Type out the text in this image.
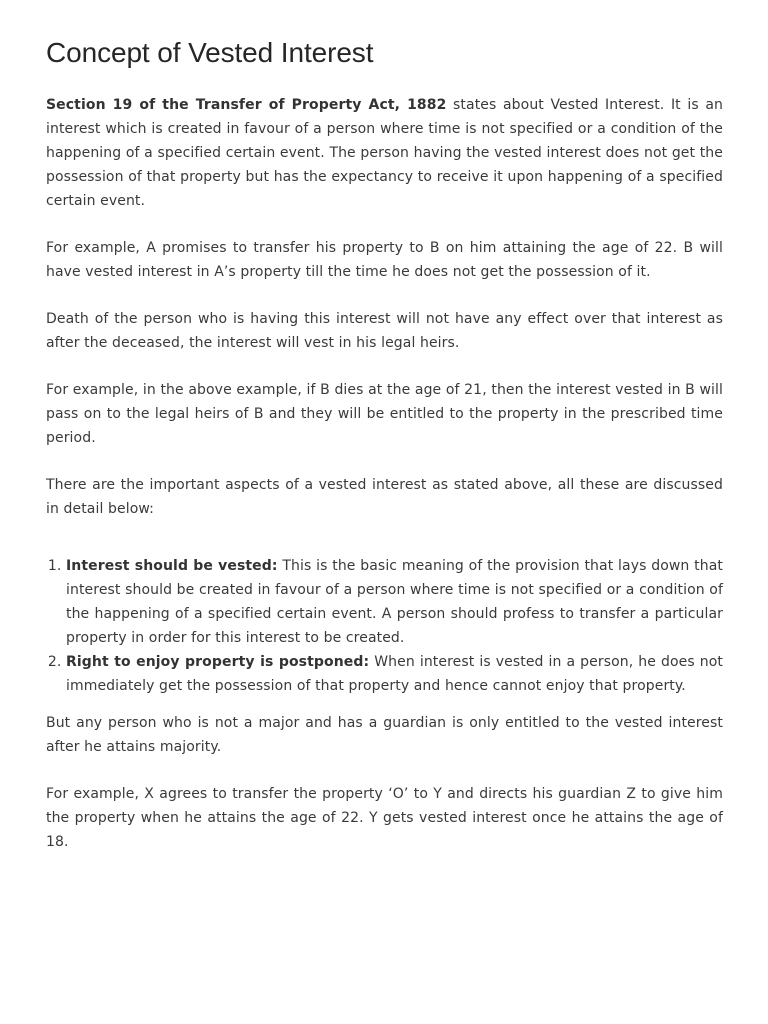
Concept of Vested Interest

Section 19 of the Transfer of Property Act, 1882 states about Vested Interest. It is an interest which is created in favour of a person where time is not specified or a condition of the happening of a specified certain event. The person having the vested interest does not get the possession of that property but has the expectancy to receive it upon happening of a specified certain event.

For example, A promises to transfer his property to B on him attaining the age of 22. B will have vested interest in A’s property till the time he does not get the possession of it.

Death of the person who is having this interest will not have any effect over that interest as after the deceased, the interest will vest in his legal heirs.

For example, in the above example, if B dies at the age of 21, then the interest vested in B will pass on to the legal heirs of B and they will be entitled to the property in the prescribed time period.

There are the important aspects of a vested interest as stated above, all these are discussed in detail below:

1. Interest should be vested: This is the basic meaning of the provision that lays down that interest should be created in favour of a person where time is not specified or a condition of the happening of a specified certain event. A person should profess to transfer a particular property in order for this interest to be created.
2. Right to enjoy property is postponed: When interest is vested in a person, he does not immediately get the possession of that property and hence cannot enjoy that property.

But any person who is not a major and has a guardian is only entitled to the vested interest after he attains majority.

For example, X agrees to transfer the property ‘O’ to Y and directs his guardian Z to give him the property when he attains the age of 22. Y gets vested interest once he attains the age of 18.
